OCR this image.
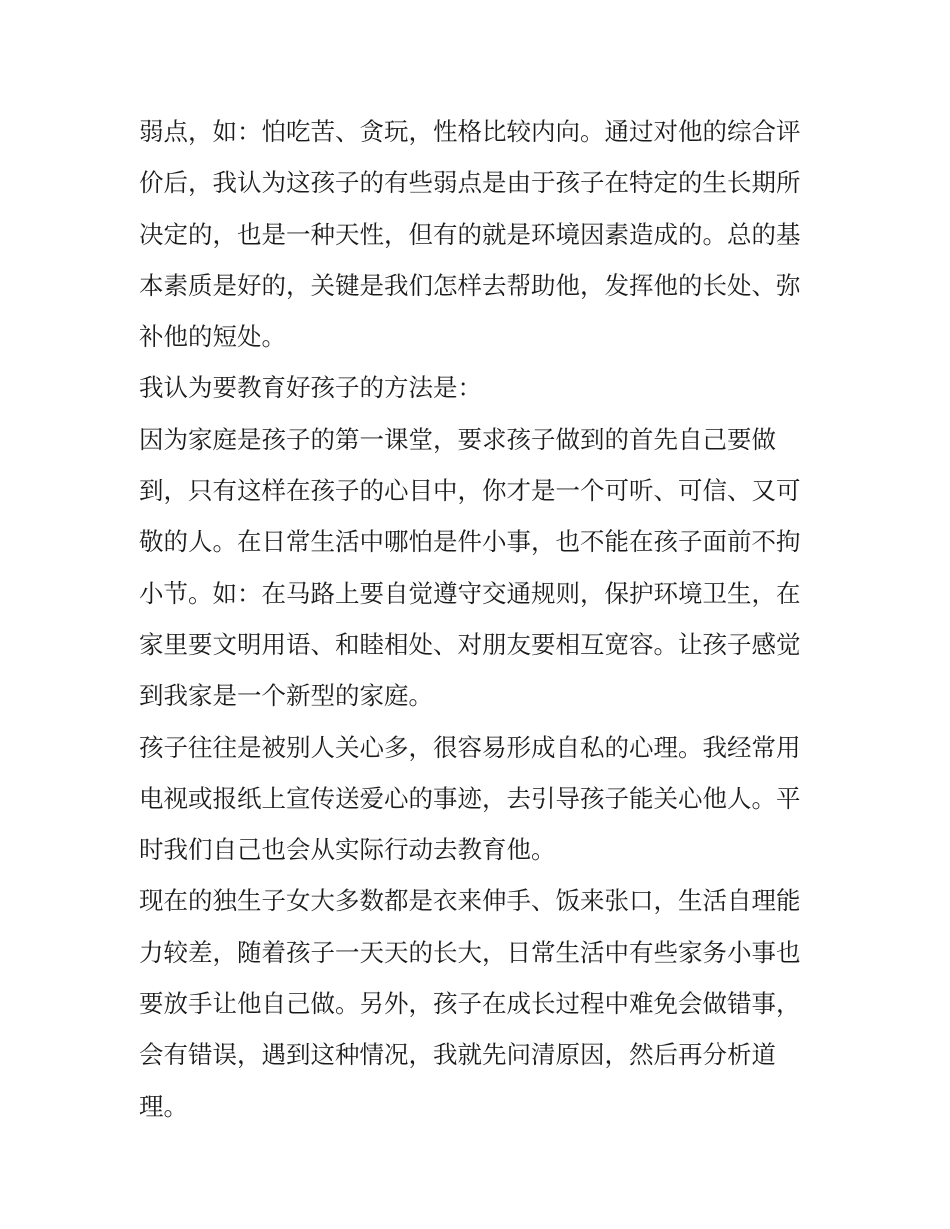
弱点，如：怕吃苦、贪玩，性格比较内向。通过对他的综合评
价后，我认为这孩子的有些弱点是由于孩子在特定的生长期所
决定的，也是一种天性，但有的就是环境因素造成的。总的基
本素质是好的，关键是我们怎样去帮助他，发挥他的长处、弥
补他的短处。

我认为要教育好孩子的方法是：

因为家庭是孩子的第一课堂，要求孩子做到的首先自己要做
到，只有这样在孩子的心目中，你才是一个可听、可信、又可
敬的人。在日常生活中哪怕是件小事，也不能在孩子面前不拘
小节。如：在马路上要自觉遵守交通规则，保护环境卫生，在
家里要文明用语、和睦相处、对朋友要相互宽容。让孩子感觉
到我家是一个新型的家庭。

孩子往往是被别人关心多，很容易形成自私的心理。我经常用
电视或报纸上宣传送爱心的事迹，去引导孩子能关心他人。平
时我们自己也会从实际行动去教育他。

现在的独生子女大多数都是衣来伸手、饭来张口，生活自理能
力较差，随着孩子一天天的长大，日常生活中有些家务小事也
要放手让他自己做。另外，孩子在成长过程中难免会做错事，
会有错误，遇到这种情况，我就先问清原因，然后再分析道
理。
